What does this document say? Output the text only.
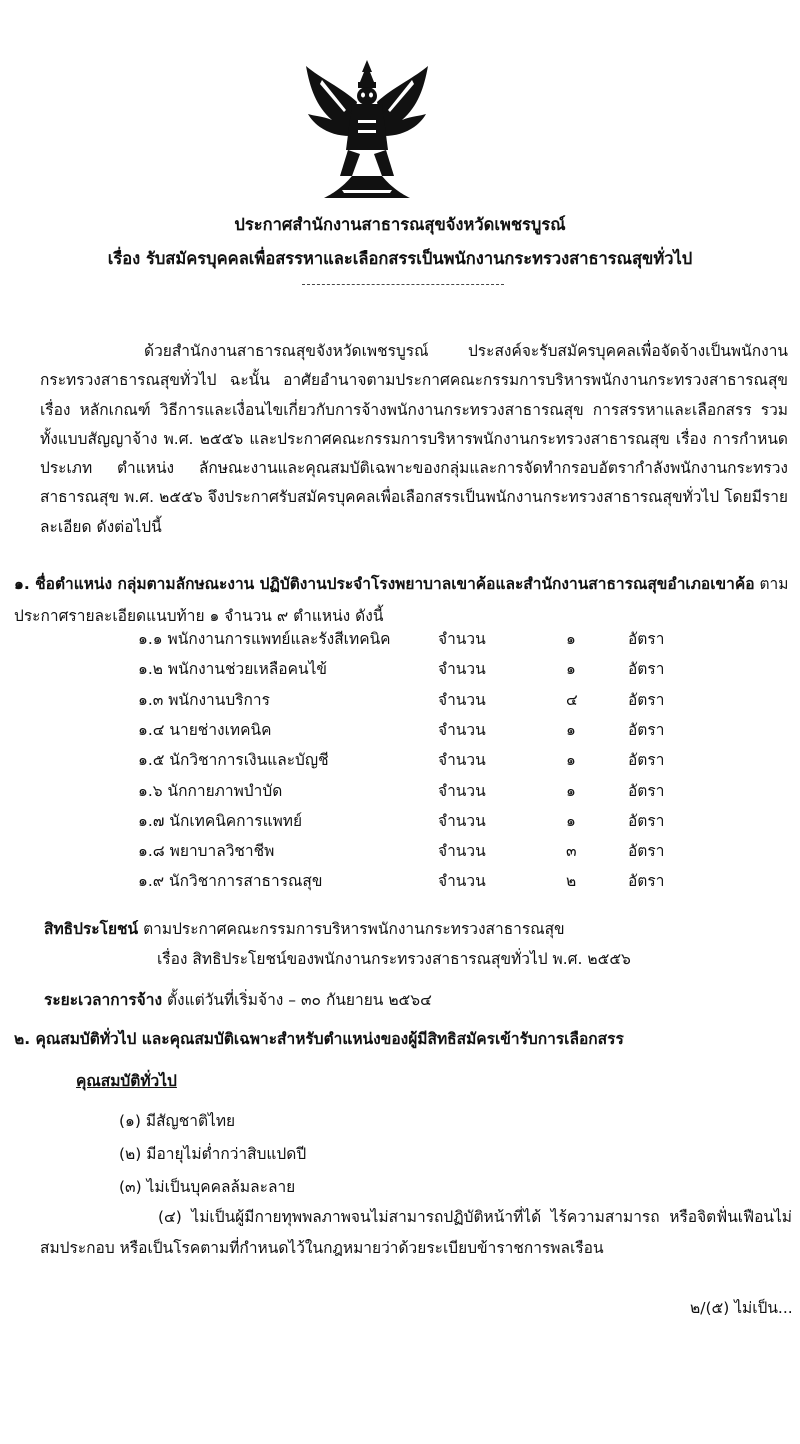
ประกาศสำนักงานสาธารณสุขจังหวัดเพชรบูรณ์
เรื่อง รับสมัครบุคคลเพื่อสรรหาและเลือกสรรเป็นพนักงานกระทรวงสาธารณสุขทั่วไป
ด้วยสำนักงานสาธารณสุขจังหวัดเพชรบูรณ์ ประสงค์จะรับสมัครบุคคลเพื่อจัดจ้างเป็นพนักงานกระทรวงสาธารณสุขทั่วไป ฉะนั้น อาศัยอำนาจตามประกาศคณะกรรมการบริหารพนักงานกระทรวงสาธารณสุข เรื่อง หลักเกณฑ์ วิธีการและเงื่อนไขเกี่ยวกับการจ้างพนักงานกระทรวงสาธารณสุข การสรรหาและเลือกสรร รวมทั้งแบบสัญญาจ้าง พ.ศ. ๒๕๕๖ และประกาศคณะกรรมการบริหารพนักงานกระทรวงสาธารณสุข เรื่อง การกำหนดประเภท ตำแหน่ง ลักษณะงานและคุณสมบัติเฉพาะของกลุ่มและการจัดทำกรอบอัตรากำลังพนักงานกระทรวงสาธารณสุข พ.ศ. ๒๕๕๖ จึงประกาศรับสมัครบุคคลเพื่อเลือกสรรเป็นพนักงานกระทรวงสาธารณสุขทั่วไป โดยมีรายละเอียด ดังต่อไปนี้
๑. ชื่อตำแหน่ง กลุ่มตามลักษณะงาน ปฏิบัติงานประจำโรงพยาบาลเขาค้อและสำนักงานสาธารณสุขอำเภอเขาค้อ ตามประกาศรายละเอียดแนบท้าย ๑ จำนวน ๙ ตำแหน่ง ดังนี้
๑.๑ พนักงานการแพทย์และรังสีเทคนิค	จำนวน	๑	อัตรา
๑.๒ พนักงานช่วยเหลือคนไข้	จำนวน	๑	อัตรา
๑.๓ พนักงานบริการ	จำนวน	๔	อัตรา
๑.๔ นายช่างเทคนิค	จำนวน	๑	อัตรา
๑.๕ นักวิชาการเงินและบัญชี	จำนวน	๑	อัตรา
๑.๖ นักกายภาพบำบัด	จำนวน	๑	อัตรา
๑.๗ นักเทคนิคการแพทย์	จำนวน	๑	อัตรา
๑.๘ พยาบาลวิชาชีพ	จำนวน	๓	อัตรา
๑.๙ นักวิชาการสาธารณสุข	จำนวน	๒	อัตรา
สิทธิประโยชน์ ตามประกาศคณะกรรมการบริหารพนักงานกระทรวงสาธารณสุข
เรื่อง สิทธิประโยชน์ของพนักงานกระทรวงสาธารณสุขทั่วไป พ.ศ. ๒๕๕๖
ระยะเวลาการจ้าง ตั้งแต่วันที่เริ่มจ้าง – ๓๐ กันยายน ๒๕๖๔
๒. คุณสมบัติทั่วไป และคุณสมบัติเฉพาะสำหรับตำแหน่งของผู้มีสิทธิสมัครเข้ารับการเลือกสรร
คุณสมบัติทั่วไป
(๑) มีสัญชาติไทย
(๒) มีอายุไม่ต่ำกว่าสิบแปดปี
(๓) ไม่เป็นบุคคลล้มละลาย
(๔) ไม่เป็นผู้มีกายทุพพลภาพจนไม่สามารถปฏิบัติหน้าที่ได้ ไร้ความสามารถ หรือจิตฟั่นเฟือนไม่สมประกอบ หรือเป็นโรคตามที่กำหนดไว้ในกฎหมายว่าด้วยระเบียบข้าราชการพลเรือน
๒/(๕) ไม่เป็น...
